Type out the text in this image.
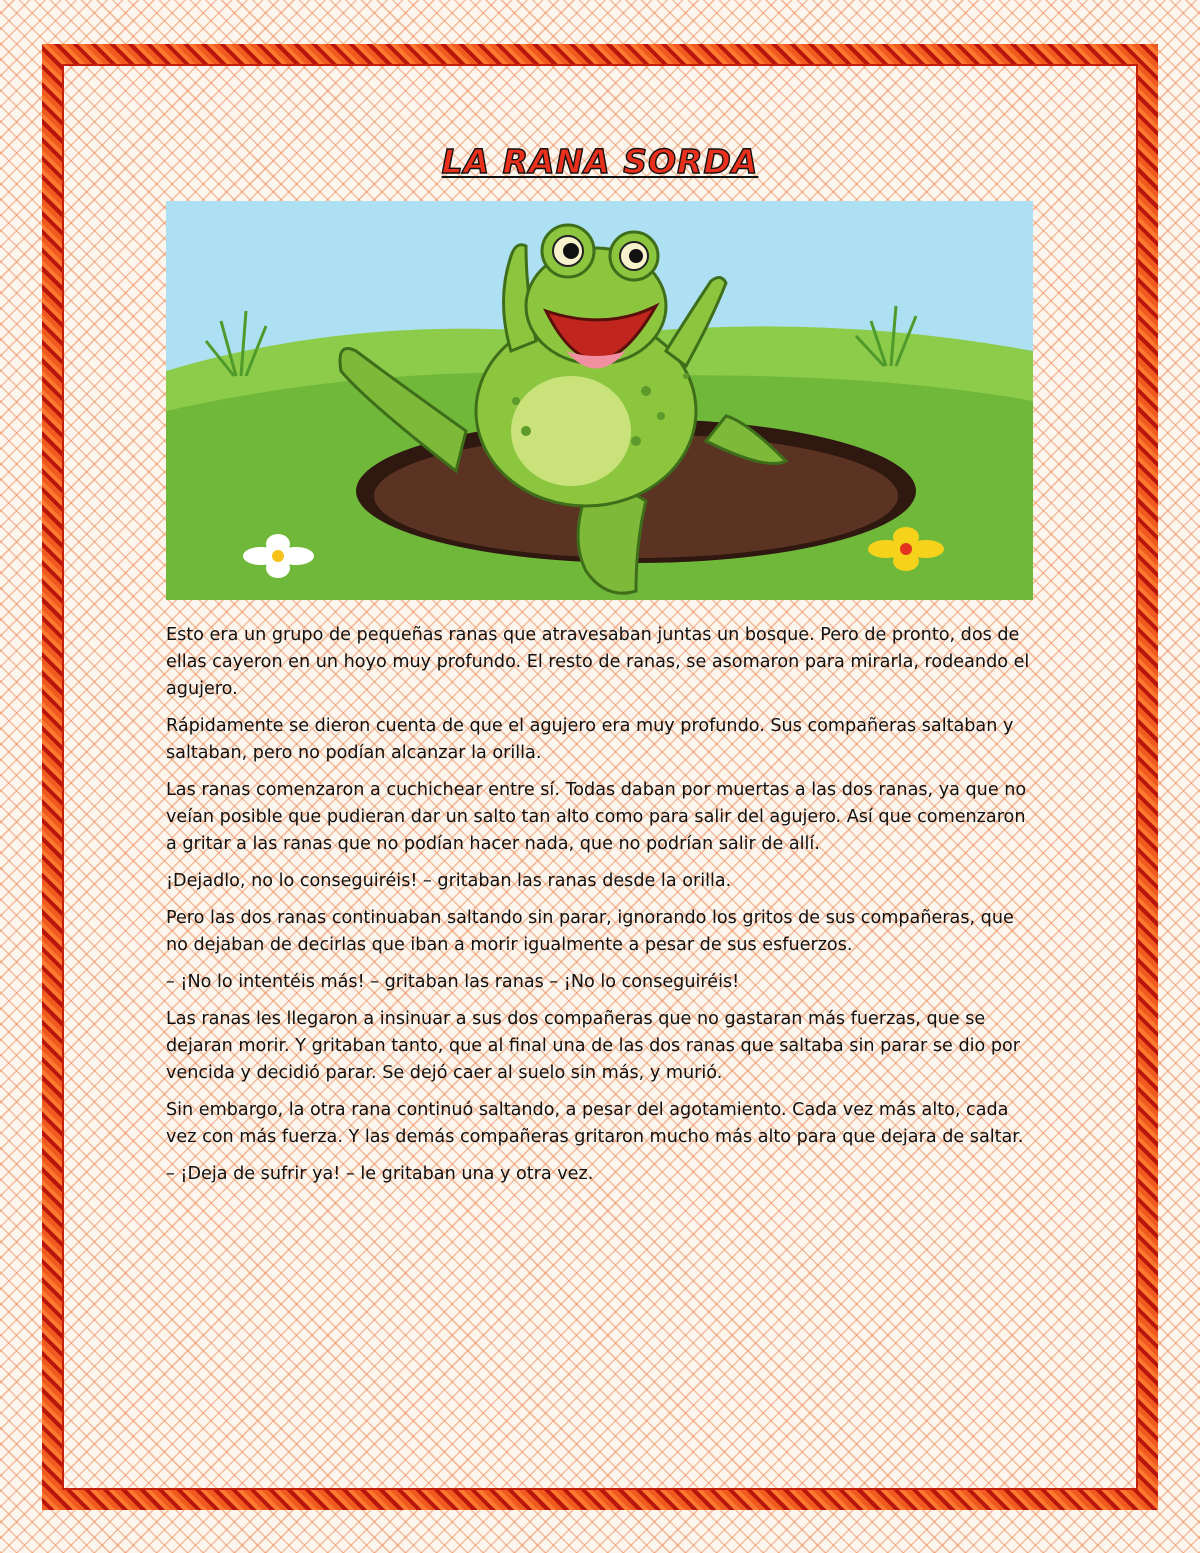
LA RANA SORDA

Esto era un grupo de pequeñas ranas que atravesaban juntas un bosque. Pero de pronto, dos de ellas cayeron en un hoyo muy profundo. El resto de ranas, se asomaron para mirarla, rodeando el agujero.

Rápidamente se dieron cuenta de que el agujero era muy profundo. Sus compañeras saltaban y saltaban, pero no podían alcanzar la orilla.

Las ranas comenzaron a cuchichear entre sí. Todas daban por muertas a las dos ranas, ya que no veían posible que pudieran dar un salto tan alto como para salir del agujero. Así que comenzaron a gritar a las ranas que no podían hacer nada, que no podrían salir de allí.

¡Dejadlo, no lo conseguiréis! – gritaban las ranas desde la orilla.

Pero las dos ranas continuaban saltando sin parar, ignorando los gritos de sus compañeras, que no dejaban de decirlas que iban a morir igualmente a pesar de sus esfuerzos.

– ¡No lo intentéis más! – gritaban las ranas – ¡No lo conseguiréis!

Las ranas les llegaron a insinuar a sus dos compañeras que no gastaran más fuerzas, que se dejaran morir. Y gritaban tanto, que al final una de las dos ranas que saltaba sin parar se dio por vencida y decidió parar. Se dejó caer al suelo sin más, y murió.

Sin embargo, la otra rana continuó saltando, a pesar del agotamiento. Cada vez más alto, cada vez con más fuerza. Y las demás compañeras gritaron mucho más alto para que dejara de saltar.

– ¡Deja de sufrir ya! – le gritaban una y otra vez.
